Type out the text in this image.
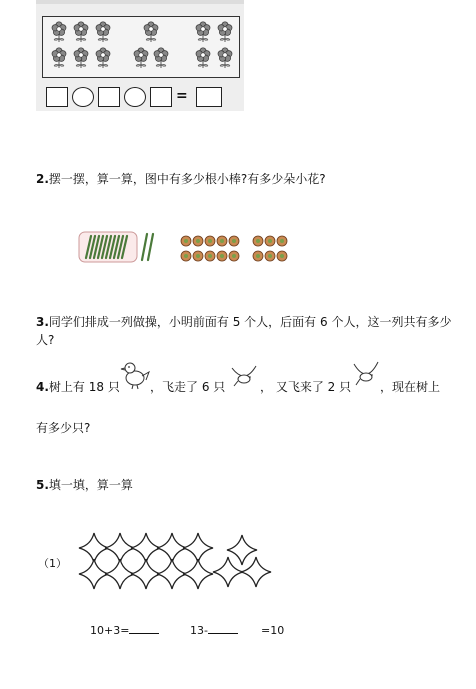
=
2.摆一摆，算一算，图中有多少根小棒?有多少朵小花?
3.同学们排成一列做操，小明前面有 5 个人，后面有 6 个人，这一列共有多少
人?
4.树上有 18 只	，飞走了 6 只	， 又飞来了 2 只 ，现在树上
有多少只?
5.填一填，算一算
（1）
10+3=	13-	=10
